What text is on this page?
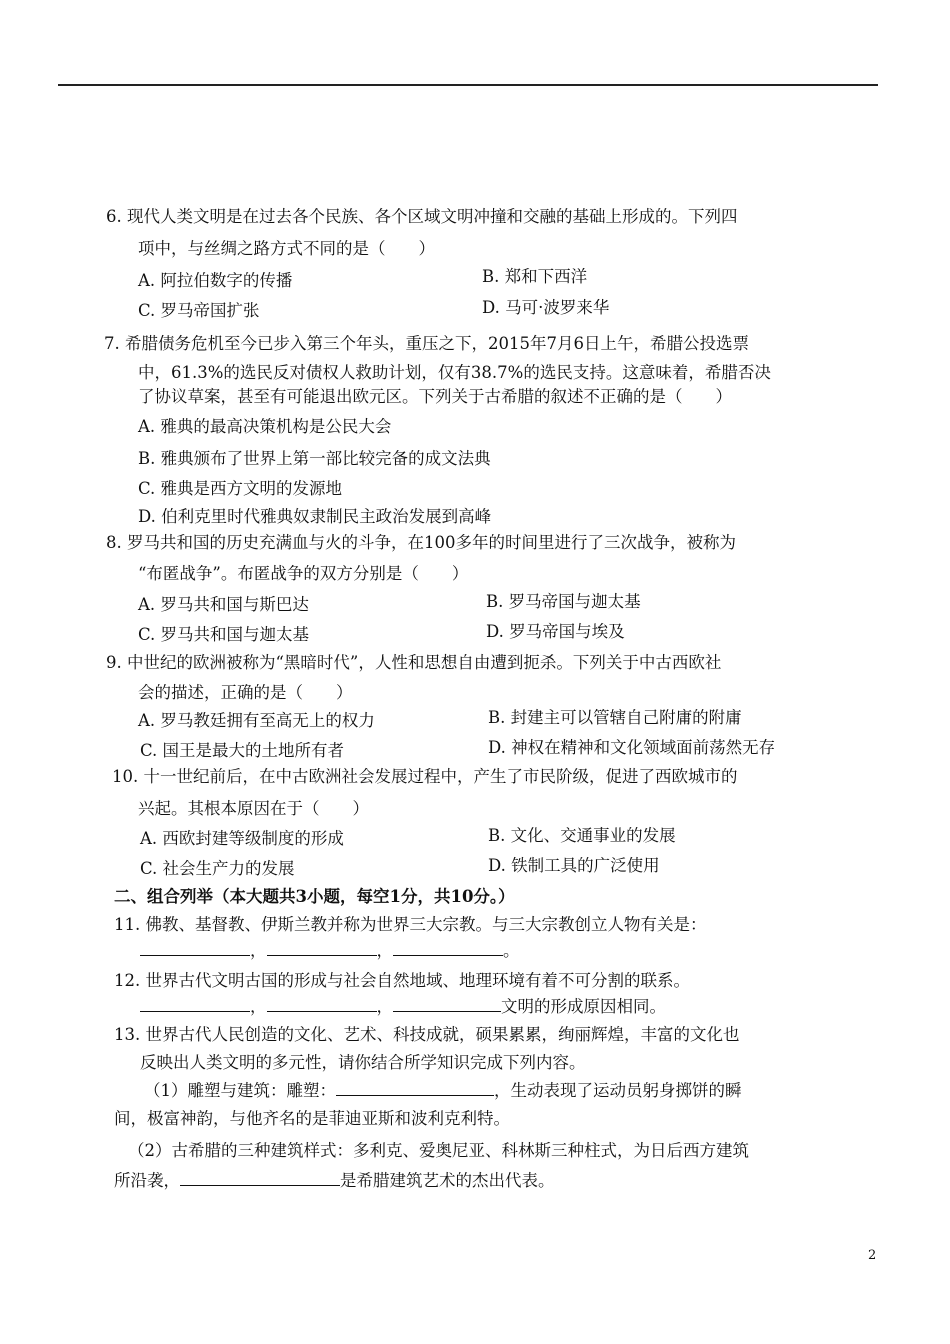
6. 现代人类文明是在过去各个民族、各个区域文明冲撞和交融的基础上形成的。下列四
项中，与丝绸之路方式不同的是（　　）
A. 阿拉伯数字的传播	B. 郑和下西洋
C. 罗马帝国扩张	D. 马可·波罗来华
7. 希腊债务危机至今已步入第三个年头，重压之下，2015年7月6日上午，希腊公投选票
中，61.3%的选民反对债权人救助计划，仅有38.7%的选民支持。这意味着，希腊否决
了协议草案，甚至有可能退出欧元区。下列关于古希腊的叙述不正确的是（　　）
A. 雅典的最高决策机构是公民大会
B. 雅典颁布了世界上第一部比较完备的成文法典
C. 雅典是西方文明的发源地
D. 伯利克里时代雅典奴隶制民主政治发展到高峰
8. 罗马共和国的历史充满血与火的斗争，在100多年的时间里进行了三次战争，被称为
“布匿战争”。布匿战争的双方分别是（　　）
A. 罗马共和国与斯巴达	B. 罗马帝国与迦太基
C. 罗马共和国与迦太基	D. 罗马帝国与埃及
9. 中世纪的欧洲被称为“黑暗时代”，人性和思想自由遭到扼杀。下列关于中古西欧社
会的描述，正确的是（　　）
A. 罗马教廷拥有至高无上的权力	B. 封建主可以管辖自己附庸的附庸
C. 国王是最大的土地所有者	D. 神权在精神和文化领域面前荡然无存
10. 十一世纪前后，在中古欧洲社会发展过程中，产生了市民阶级，促进了西欧城市的
兴起。其根本原因在于（　　）
A. 西欧封建等级制度的形成	B. 文化、交通事业的发展
C. 社会生产力的发展	D. 铁制工具的广泛使用
二、组合列举（本大题共3小题，每空1分，共10分。）
11. 佛教、基督教、伊斯兰教并称为世界三大宗教。与三大宗教创立人物有关是：
，	，	。
12. 世界古代文明古国的形成与社会自然地域、地理环境有着不可分割的联系。
，	，	文明的形成原因相同。
13. 世界古代人民创造的文化、艺术、科技成就，硕果累累，绚丽辉煌，丰富的文化也
反映出人类文明的多元性，请你结合所学知识完成下列内容。
（1）雕塑与建筑：雕塑：	，生动表现了运动员躬身掷饼的瞬
间，极富神韵，与他齐名的是菲迪亚斯和波利克利特。
（2）古希腊的三种建筑样式：多利克、爱奥尼亚、科林斯三种柱式，为日后西方建筑
所沿袭，	是希腊建筑艺术的杰出代表。
2
